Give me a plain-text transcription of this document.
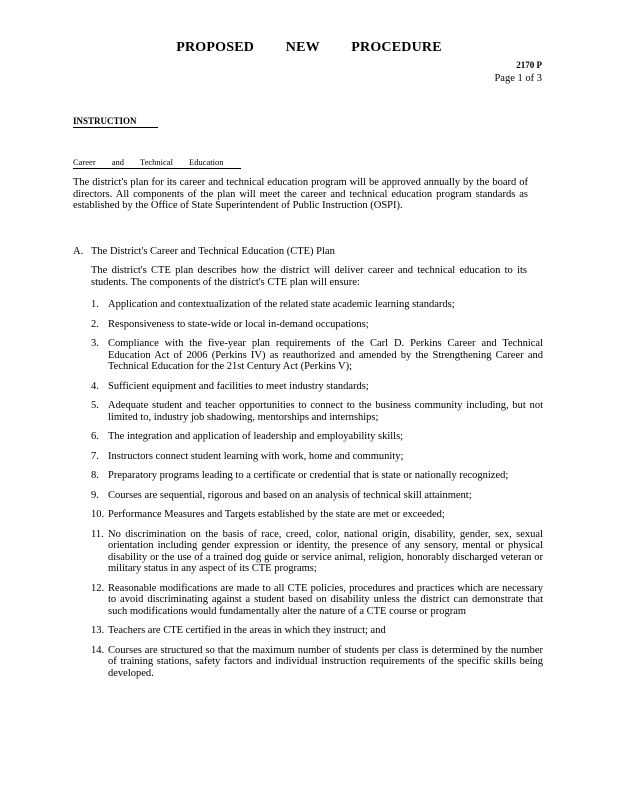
PROPOSED NEW PROCEDURE
2170 P
Page 1 of 3
INSTRUCTION
Career and Technical Education
The district's plan for its career and technical education program will be approved annually by the board of directors. All components of the plan will meet the career and technical education program standards as established by the Office of State Superintendent of Public Instruction (OSPI).
A. The District's Career and Technical Education (CTE) Plan
The district's CTE plan describes how the district will deliver career and technical education to its students. The components of the district's CTE plan will ensure:
1. Application and contextualization of the related state academic learning standards;
2. Responsiveness to state-wide or local in-demand occupations;
3. Compliance with the five-year plan requirements of the Carl D. Perkins Career and Technical Education Act of 2006 (Perkins IV) as reauthorized and amended by the Strengthening Career and Technical Education for the 21st Century Act (Perkins V);
4. Sufficient equipment and facilities to meet industry standards;
5. Adequate student and teacher opportunities to connect to the business community including, but not limited to, industry job shadowing, mentorships and internships;
6. The integration and application of leadership and employability skills;
7. Instructors connect student learning with work, home and community;
8. Preparatory programs leading to a certificate or credential that is state or nationally recognized;
9. Courses are sequential, rigorous and based on an analysis of technical skill attainment;
10. Performance Measures and Targets established by the state are met or exceeded;
11. No discrimination on the basis of race, creed, color, national origin, disability, gender, sex, sexual orientation including gender expression or identity, the presence of any sensory, mental or physical disability or the use of a trained dog guide or service animal, religion, honorably discharged veteran or military status in any aspect of its CTE programs;
12. Reasonable modifications are made to all CTE policies, procedures and practices which are necessary to avoid discriminating against a student based on disability unless the district can demonstrate that such modifications would fundamentally alter the nature of a CTE course or program
13. Teachers are CTE certified in the areas in which they instruct; and
14. Courses are structured so that the maximum number of students per class is determined by the number of training stations, safety factors and individual instruction requirements of the specific skills being developed.
